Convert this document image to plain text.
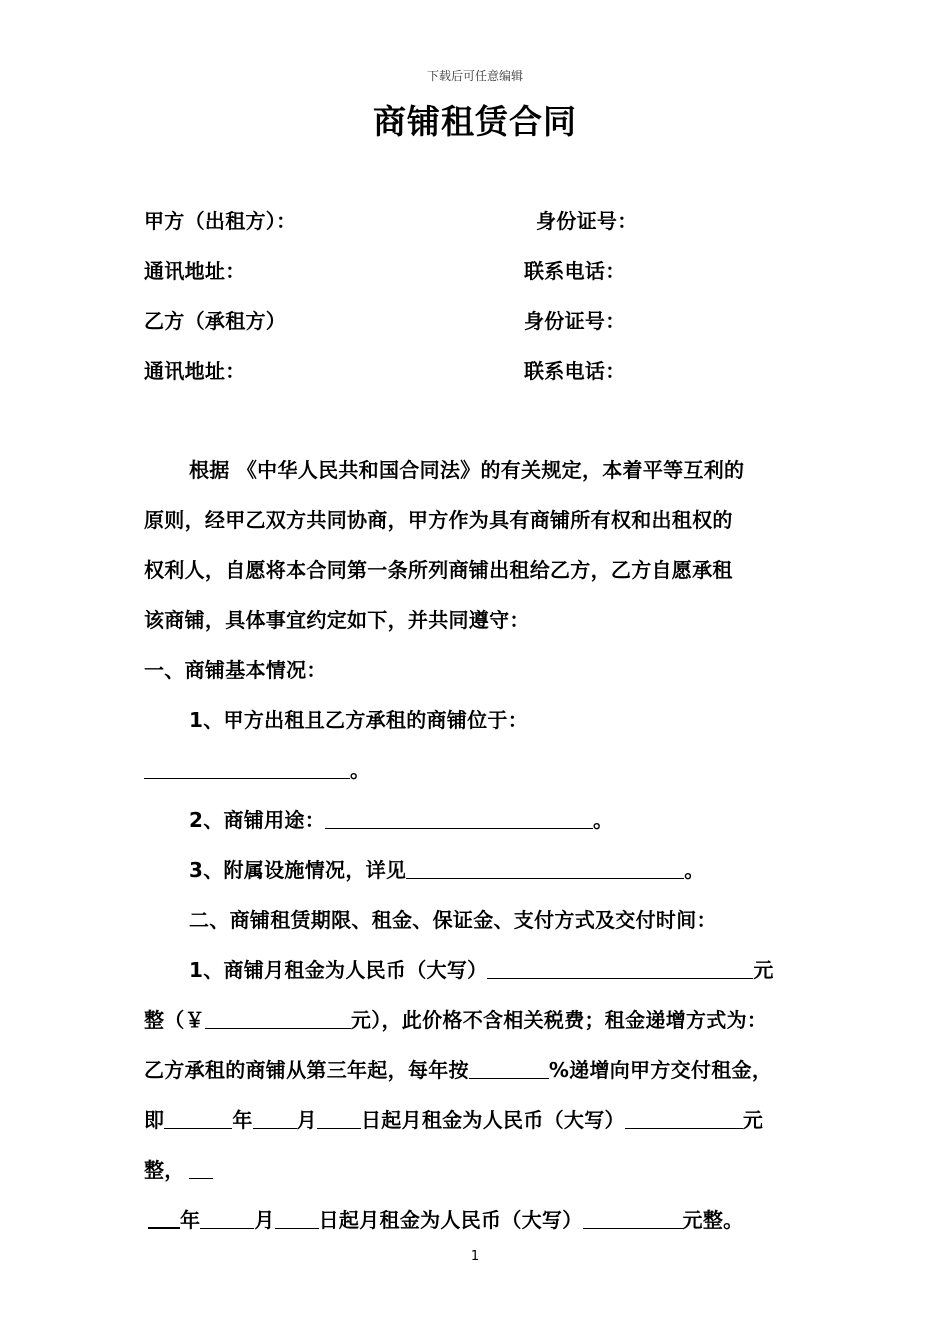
下载后可任意编辑
商铺租赁合同
甲方（出租方）：	身份证号：
通讯地址：	联系电话：
乙方（承租方）	身份证号：
通讯地址：	联系电话：
根据 《中华人民共和国合同法》的有关规定，本着平等互利的
原则，经甲乙双方共同协商，甲方作为具有商铺所有权和出租权的
权利人，自愿将本合同第一条所列商铺出租给乙方，乙方自愿承租
该商铺，具体事宜约定如下，并共同遵守：
一、商铺基本情况：
1、甲方出租且乙方承租的商铺位于：
。
2、商铺用途：	。
3、附属设施情况，详见	。
二、商铺租赁期限、租金、保证金、支付方式及交付时间：
1、商铺月租金为人民币（大写）	元
整（￥	元），此价格不含相关税费；租金递增方式为：
乙方承租的商铺从第三年起，每年按	%递增向甲方交付租金，
即	年 月 日起月租金为人民币（大写）	元
整，
年	月 日起月租金为人民币（大写）	元整。
1
